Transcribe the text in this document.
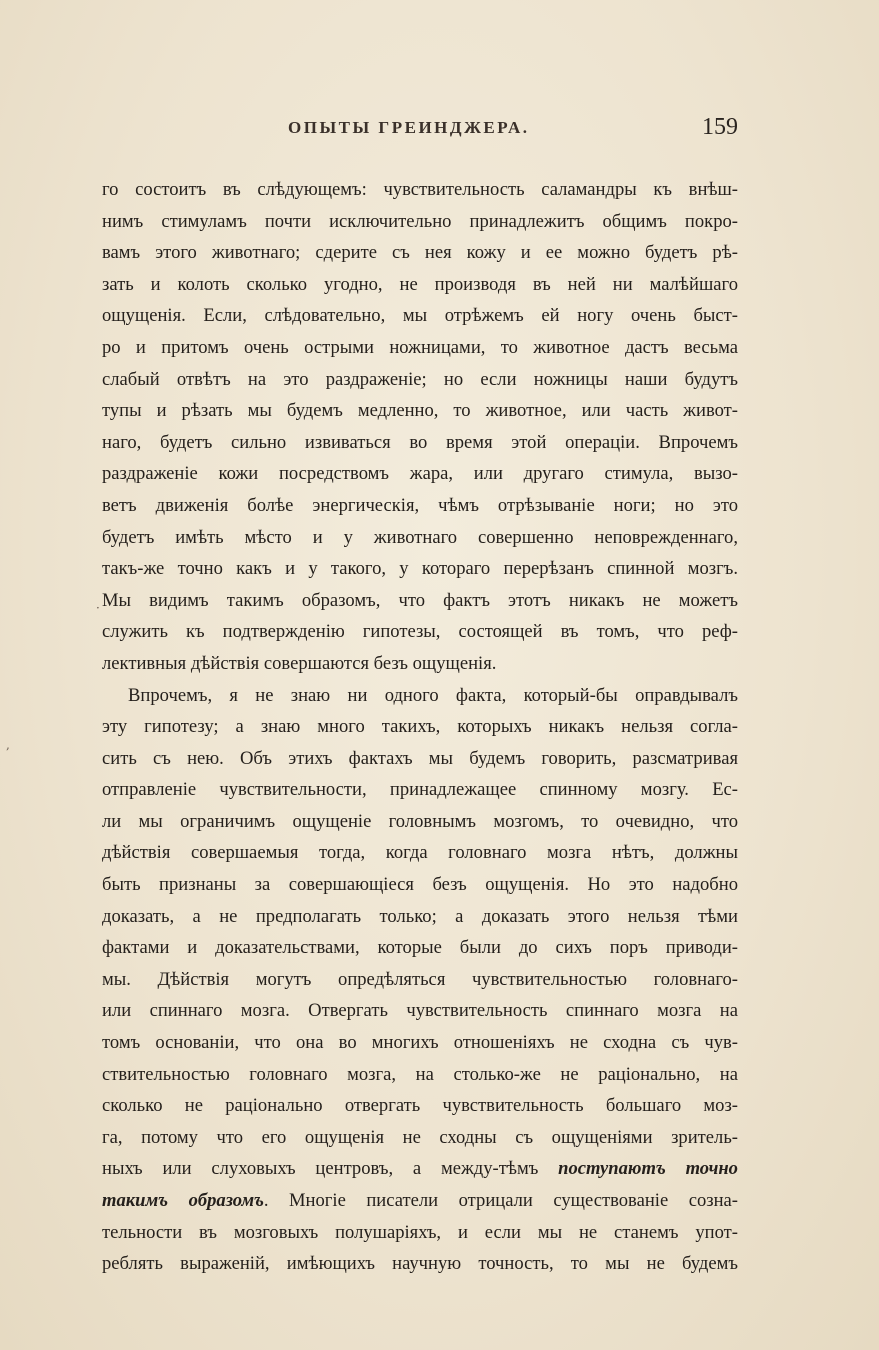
ОПЫТЫ ГРЕИНДЖЕРА.	159
го состоитъ въ слѣдующемъ: чувствительность саламандры къ внѣш-
нимъ стимуламъ почти исключительно принадлежитъ общимъ покро-
вамъ этого животнаго; сдерите съ нея кожу и ее можно будетъ рѣ-
зать и колоть сколько угодно, не производя въ ней ни малѣйшаго
ощущенія. Если, слѣдовательно, мы отрѣжемъ ей ногу очень быст-
ро и притомъ очень острыми ножницами, то животное дастъ весьма
слабый отвѣтъ на это раздраженіе; но если ножницы наши будутъ
тупы и рѣзать мы будемъ медленно, то животное, или часть живот-
наго, будетъ сильно извиваться во время этой операціи. Впрочемъ
раздраженіе кожи посредствомъ жара, или другаго стимула, вызо-
ветъ движенія болѣе энергическія, чѣмъ отрѣзываніе ноги; но это
будетъ имѣть мѣсто и у животнаго совершенно неповрежденнаго,
такъ-же точно какъ и у такого, у котораго перерѣзанъ спинной мозгъ.
Мы видимъ такимъ образомъ, что фактъ этотъ никакъ не можетъ
служить къ подтвержденію гипотезы, состоящей въ томъ, что реф-
лективныя дѣйствія совершаются безъ ощущенія.
Впрочемъ, я не знаю ни одного факта, который-бы оправдывалъ
эту гипотезу; а знаю много такихъ, которыхъ никакъ нельзя согла-
сить съ нею. Объ этихъ фактахъ мы будемъ говорить, разсматривая
отправленіе чувствительности, принадлежащее спинному мозгу. Ес-
ли мы ограничимъ ощущеніе головнымъ мозгомъ, то очевидно, что
дѣйствія совершаемыя тогда, когда головнаго мозга нѣтъ, должны
быть признаны за совершающіеся безъ ощущенія. Но это надобно
доказать, а не предполагать только; а доказать этого нельзя тѣми
фактами и доказательствами, которые были до сихъ поръ приводи-
мы. Дѣйствія могутъ опредѣляться чувствительностью головнаго-
или спиннаго мозга. Отвергать чувствительность спиннаго мозга на
томъ основаніи, что она во многихъ отношеніяхъ не сходна съ чув-
ствительностью головнаго мозга, на столько-же не раціонально, на
сколько не раціонально отвергать чувствительность большаго моз-
га, потому что его ощущенія не сходны съ ощущеніями зритель-
ныхъ или слуховыхъ центровъ, а между-тѣмъ поступаютъ точно
такимъ образомъ. Многіе писатели отрицали существованіе созна-
тельности въ мозговыхъ полушаріяхъ, и если мы не станемъ упот-
реблять выраженій, имѣющихъ научную точность, то мы не будемъ
·
,
